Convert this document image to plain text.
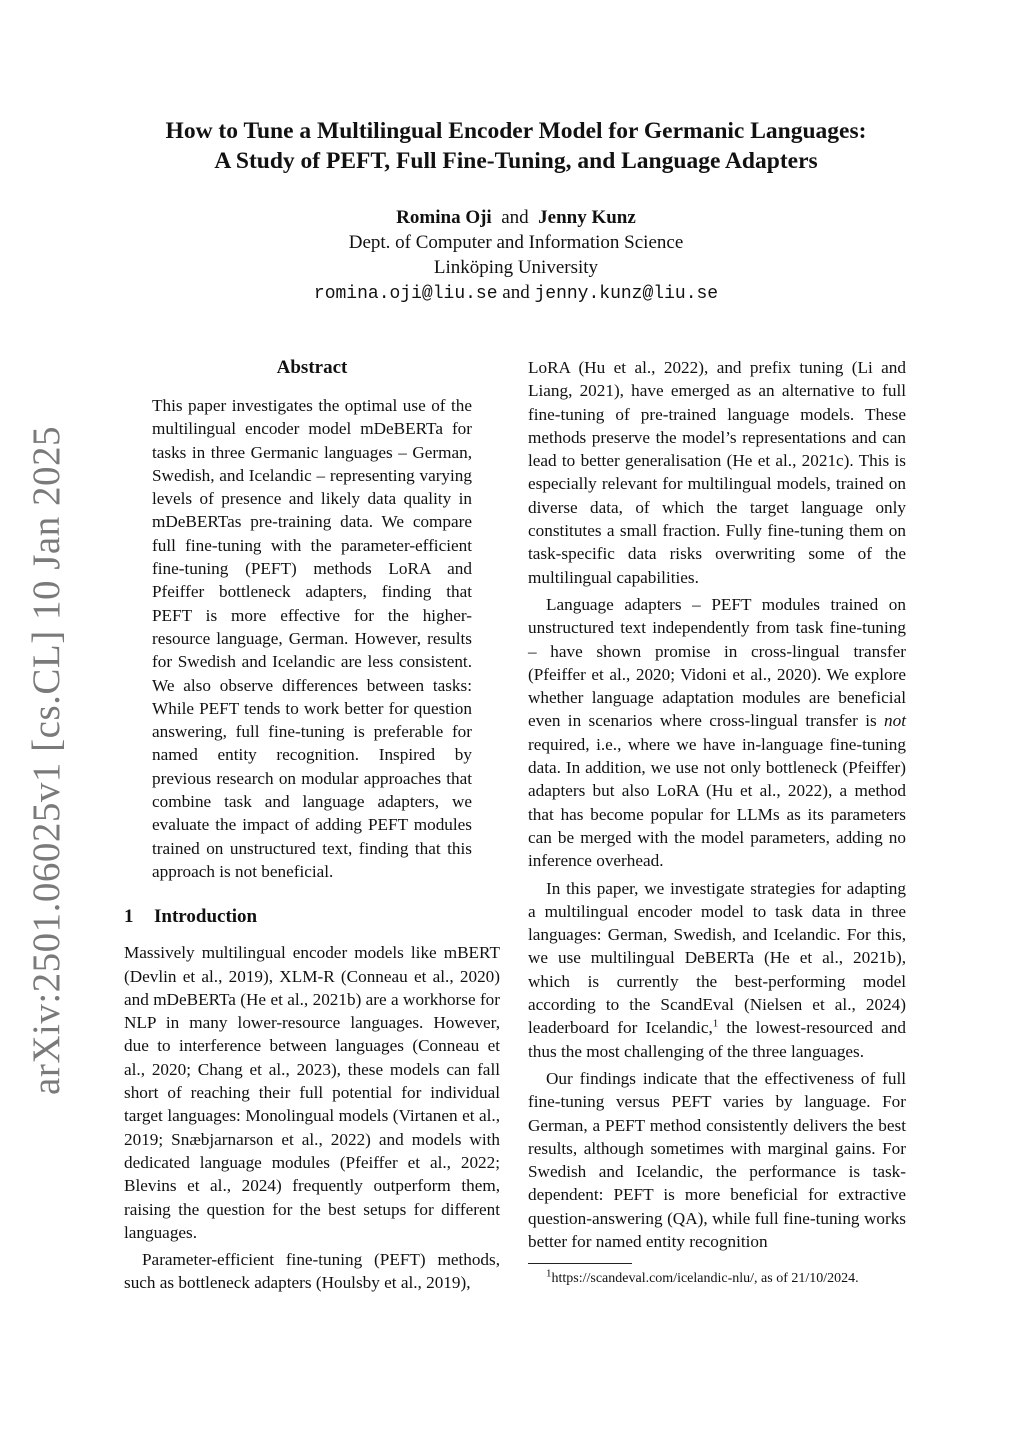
arXiv:2501.06025v1 [cs.CL] 10 Jan 2025

How to Tune a Multilingual Encoder Model for Germanic Languages:

A Study of PEFT, Full Fine-Tuning, and Language Adapters

Romina Oji and Jenny Kunz
Dept. of Computer and Information Science
Linköping University
romina.oji@liu.se and jenny.kunz@liu.se

Abstract

This paper investigates the optimal use of the multilingual encoder model mDeBERTa for tasks in three Germanic languages – German, Swedish, and Icelandic – representing varying levels of presence and likely data quality in mDeBERTas pre-training data. We compare full fine-tuning with the parameter-efficient fine-tuning (PEFT) methods LoRA and Pfeiffer bottleneck adapters, finding that PEFT is more effective for the higher-resource language, German. However, results for Swedish and Icelandic are less consistent. We also observe differences between tasks: While PEFT tends to work better for question answering, full fine-tuning is preferable for named entity recognition. Inspired by previous research on modular approaches that combine task and language adapters, we evaluate the impact of adding PEFT modules trained on unstructured text, finding that this approach is not beneficial.

1 Introduction

Massively multilingual encoder models like mBERT (Devlin et al., 2019), XLM-R (Conneau et al., 2020) and mDeBERTa (He et al., 2021b) are a workhorse for NLP in many lower-resource languages. However, due to interference between languages (Conneau et al., 2020; Chang et al., 2023), these models can fall short of reaching their full potential for individual target languages: Monolingual models (Virtanen et al., 2019; Snæbjarnarson et al., 2022) and models with dedicated language modules (Pfeiffer et al., 2022; Blevins et al., 2024) frequently outperform them, raising the question for the best setups for different languages.

Parameter-efficient fine-tuning (PEFT) methods, such as bottleneck adapters (Houlsby et al., 2019),

LoRA (Hu et al., 2022), and prefix tuning (Li and Liang, 2021), have emerged as an alternative to full fine-tuning of pre-trained language models. These methods preserve the model’s representations and can lead to better generalisation (He et al., 2021c). This is especially relevant for multilingual models, trained on diverse data, of which the target language only constitutes a small fraction. Fully fine-tuning them on task-specific data risks overwriting some of the multilingual capabilities.

Language adapters – PEFT modules trained on unstructured text independently from task fine-tuning – have shown promise in cross-lingual transfer (Pfeiffer et al., 2020; Vidoni et al., 2020). We explore whether language adaptation modules are beneficial even in scenarios where cross-lingual transfer is not required, i.e., where we have in-language fine-tuning data. In addition, we use not only bottleneck (Pfeiffer) adapters but also LoRA (Hu et al., 2022), a method that has become popular for LLMs as its parameters can be merged with the model parameters, adding no inference overhead.

In this paper, we investigate strategies for adapting a multilingual encoder model to task data in three languages: German, Swedish, and Icelandic. For this, we use multilingual DeBERTa (He et al., 2021b), which is currently the best-performing model according to the ScandEval (Nielsen et al., 2024) leaderboard for Icelandic,$^1$ the lowest-resourced and thus the most challenging of the three languages.

Our findings indicate that the effectiveness of full fine-tuning versus PEFT varies by language. For German, a PEFT method consistently delivers the best results, although sometimes with marginal gains. For Swedish and Icelandic, the performance is task-dependent: PEFT is more beneficial for extractive question-answering (QA), while full fine-tuning works better for named entity recognition

$^1$https://scandeval.com/icelandic-nlu/, as of 21/10/2024.
